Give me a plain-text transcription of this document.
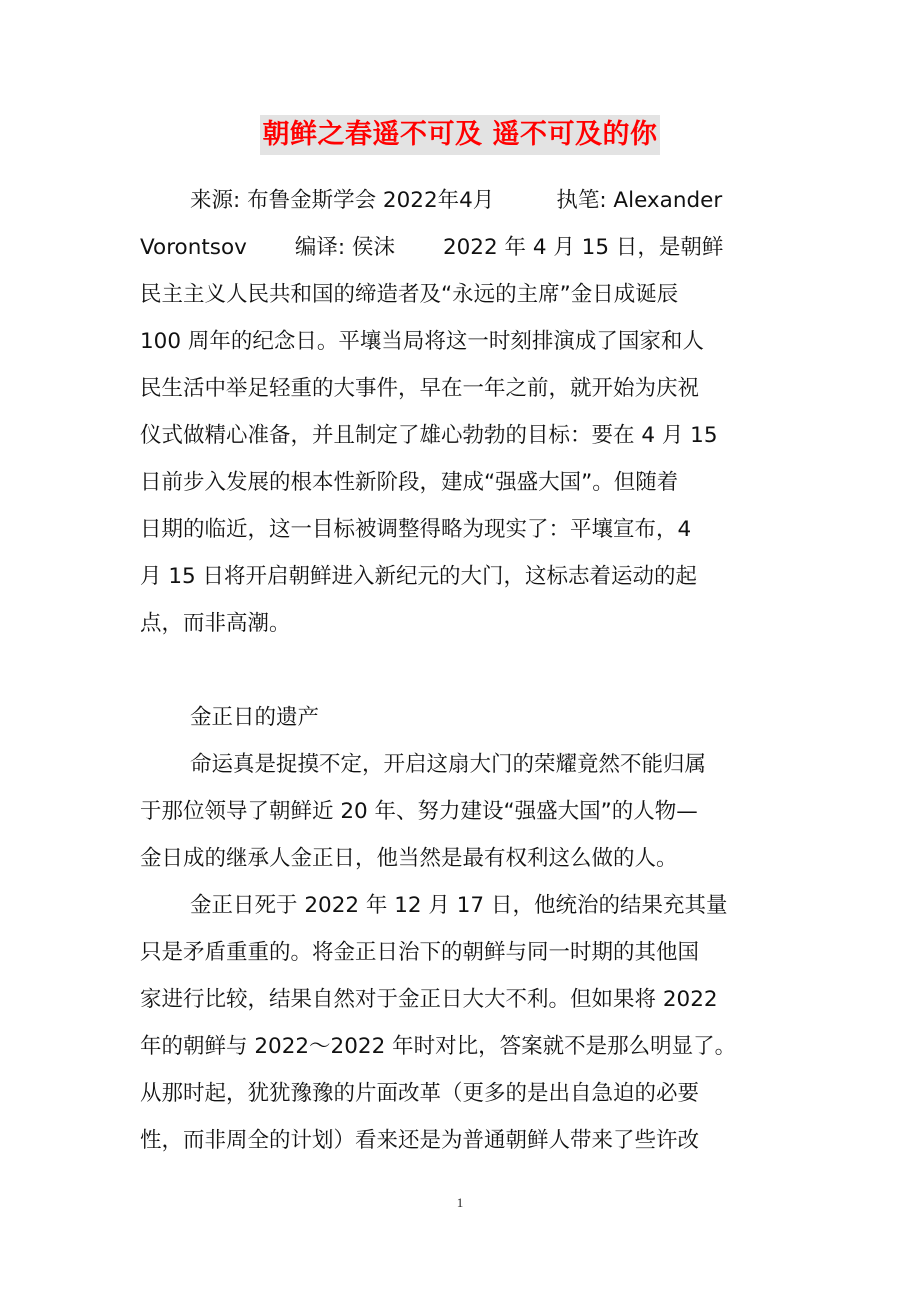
朝鲜之春遥不可及 遥不可及的你
来源: 布鲁金斯学会 2022年4月	执笔: Alexander
Vorontsov 编译: 侯沫 2022 年 4 月 15 日，是朝鲜
民主主义人民共和国的缔造者及“永远的主席”金日成诞辰
100 周年的纪念日。平壤当局将这一时刻排演成了国家和人
民生活中举足轻重的大事件，早在一年之前，就开始为庆祝
仪式做精心准备，并且制定了雄心勃勃的目标：要在 4 月 15
日前步入发展的根本性新阶段，建成“强盛大国”。但随着
日期的临近，这一目标被调整得略为现实了：平壤宣布，4
月 15 日将开启朝鲜进入新纪元的大门，这标志着运动的起
点，而非高潮。
金正日的遗产
命运真是捉摸不定，开启这扇大门的荣耀竟然不能归属
于那位领导了朝鲜近 20 年、努力建设“强盛大国”的人物—
金日成的继承人金正日，他当然是最有权利这么做的人。
金正日死于 2022 年 12 月 17 日，他统治的结果充其量
只是矛盾重重的。将金正日治下的朝鲜与同一时期的其他国
家进行比较，结果自然对于金正日大大不利。但如果将 2022
年的朝鲜与 2022～2022 年时对比，答案就不是那么明显了。
从那时起，犹犹豫豫的片面改革（更多的是出自急迫的必要
性，而非周全的计划）看来还是为普通朝鲜人带来了些许改
1
